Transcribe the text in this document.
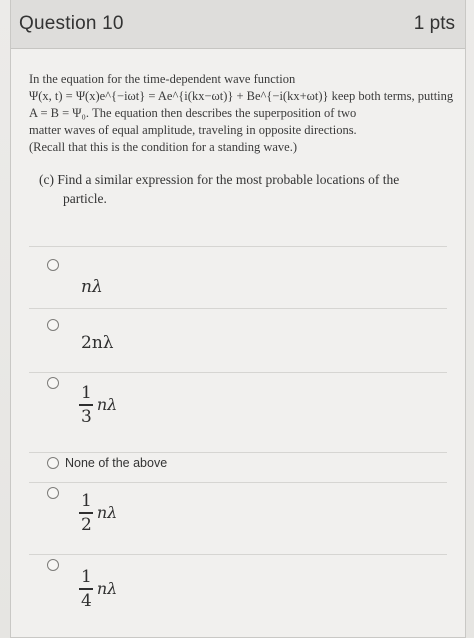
Question 10	1 pts
In the equation for the time-dependent wave function
Ψ(x, t) = Ψ(x)e^{−iωt} = Ae^{i(kx−ωt)} + Be^{−i(kx+ωt)} keep both terms, putting
A = B = Ψ₀. The equation then describes the superposition of two
matter waves of equal amplitude, traveling in opposite directions.
(Recall that this is the condition for a standing wave.)
(c) Find a similar expression for the most probable locations of the
particle.
nλ
2nλ
1
3
nλ
None of the above
1
2
nλ
1
4
nλ
